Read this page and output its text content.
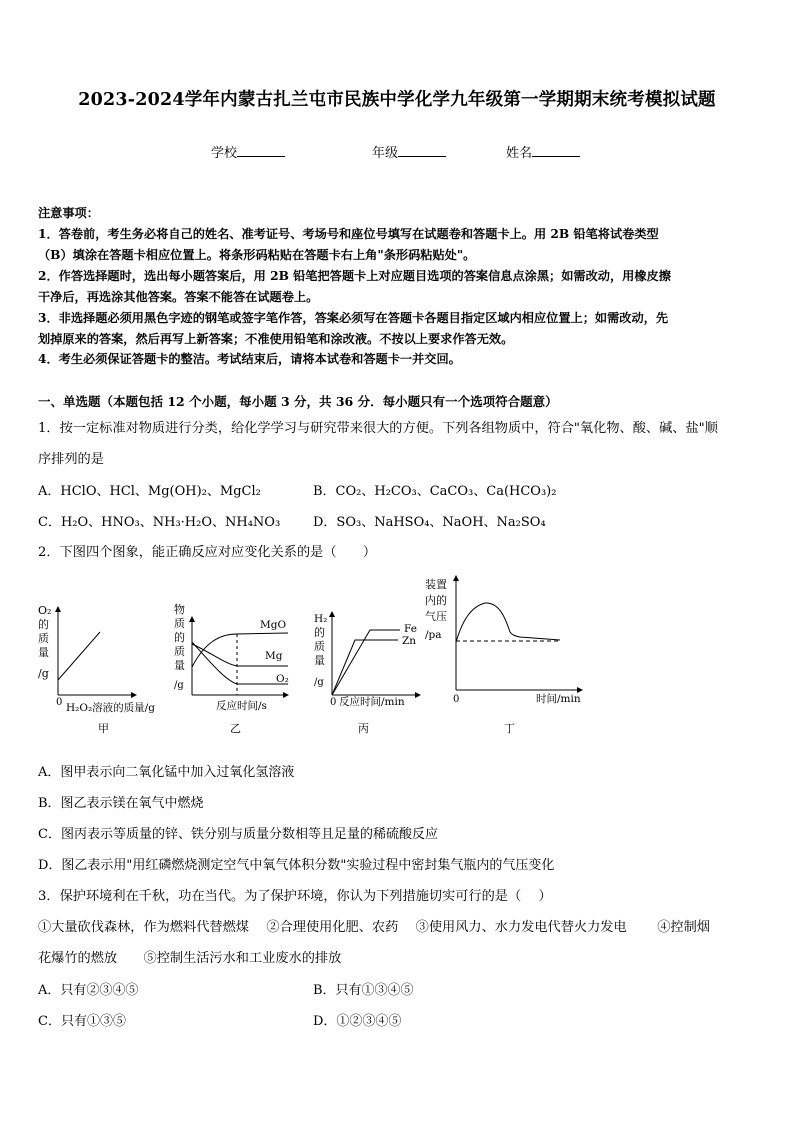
2023-2024学年内蒙古扎兰屯市民族中学化学九年级第一学期期末统考模拟试题
学校	年级	姓名
注意事项：
1．答卷前，考生务必将自己的姓名、准考证号、考场号和座位号填写在试题卷和答题卡上。用 2B 铅笔将试卷类型
（B）填涂在答题卡相应位置上。将条形码粘贴在答题卡右上角"条形码粘贴处"。
2．作答选择题时，选出每小题答案后，用 2B 铅笔把答题卡上对应题目选项的答案信息点涂黑；如需改动，用橡皮擦
干净后，再选涂其他答案。答案不能答在试题卷上。
3．非选择题必须用黑色字迹的钢笔或签字笔作答，答案必须写在答题卡各题目指定区域内相应位置上；如需改动，先
划掉原来的答案，然后再写上新答案；不准使用铅笔和涂改液。不按以上要求作答无效。
4．考生必须保证答题卡的整洁。考试结束后，请将本试卷和答题卡一并交回。
一、单选题（本题包括 12 个小题，每小题 3 分，共 36 分．每小题只有一个选项符合题意）
1．按一定标准对物质进行分类，给化学学习与研究带来很大的方便。下列各组物质中，符合"氧化物、酸、碱、盐"顺
序排列的是
A．HClO、HCl、Mg(OH)₂、MgCl₂	B．CO₂、H₂CO₃、CaCO₃、Ca(HCO₃)₂
C．H₂O、HNO₃、NH₃·H₂O、NH₄NO₃	D．SO₃、NaHSO₄、NaOH、Na₂SO₄
2．下图四个图象，能正确反应对应变化关系的是（　　）
O₂
的
质
量
/g
0 H₂O₂溶液的质量/g
甲
物
质
的
质
量
/g
MgO
Mg
O₂
反应时间/s
乙
H₂
的
质
量
/g
Fe
Zn
0 反应时间/min
丙
装置
内的
气压
/pa
0	时间/min
丁
A．图甲表示向二氧化锰中加入过氧化氢溶液
B．图乙表示镁在氧气中燃烧
C．图丙表示等质量的锌、铁分别与质量分数相等且足量的稀硫酸反应
D．图乙表示用"用红磷燃烧测定空气中氧气体积分数"实验过程中密封集气瓶内的气压变化
3．保护环境利在千秋，功在当代。为了保护环境，你认为下列措施切实可行的是（　 ）
①大量砍伐森林，作为燃料代替燃煤　 ②合理使用化肥、农药　 ③使用风力、水力发电代替火力发电　　 ④控制烟
花爆竹的燃放　　⑤控制生活污水和工业废水的排放
A．只有②③④⑤	B．只有①③④⑤
C．只有①③⑤	D．①②③④⑤
